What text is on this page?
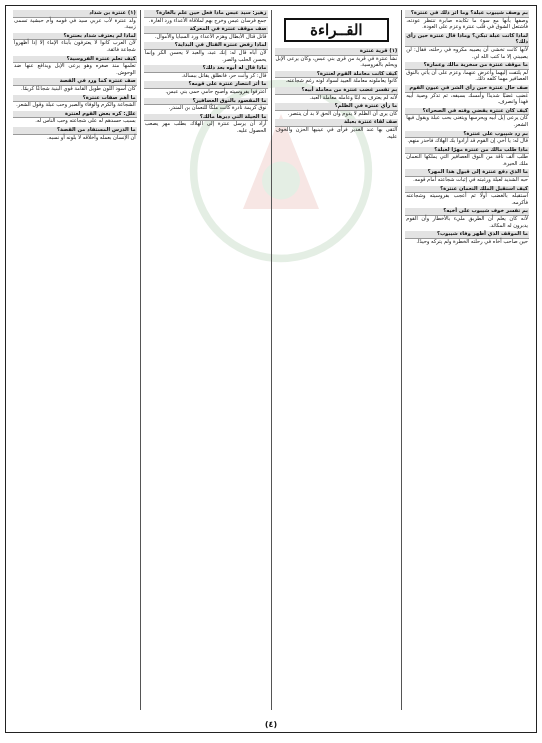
بم وصف شيبوب عبلة؟ وما أثر ذلك في عنترة؟
وصفها بأنها مع سوء ما تكابده صابرة تنتظر عودته، فاشتعل الشوق في قلب عنترة وعزم على العودة.
لماذا كانت عبلة تبكي؟ وماذا قال عنترة حين رأى ذلك؟
لأنها كانت تخشى أن يصيبه مكروه في رحلته، فقال: لن يصيبني إلا ما كتب الله لي.
ما موقف عنترة من سخرية مالك وعمارة؟
لم يلتفت إليهما وأعرض عنهما، وعزم على أن يأتي بالنوق العصافير مهما كلفه ذلك.
صف حال عنترة حين رأى الشر في عيون القوم
غضب غضبًا شديدًا وأمسك بسيفه، ثم تذكر وصية أبيه فهدأ وانصرف.
كيف كان عنترة يقضي وقته في الصحراء؟
كان يرعى إبل أبيه ويحرسها ويتغنى بحب عبلة ويقول فيها الشعر.
بم رد شيبوب على عنترة؟
قال له: يا أخي إن القوم قد أرادوا بك الهلاك فاحذر منهم.
ماذا طلب مالك من عنترة مهرًا لعبلة؟
طلب ألف ناقة من النوق العصافير التي يملكها النعمان ملك الحيرة.
ما الذي دفع عنترة إلى قبول هذا المهر؟
حبه الشديد لعبلة ورغبته في إثبات شجاعته أمام قومه.
كيف استقبل الملك النعمان عنترة؟
استقبله بالغضب أولًا ثم أعجب بفروسيته وشجاعته فأكرمه.
بم تفسر خوف شيبوب على أخيه؟
لأنه كان يعلم أن الطريق مليء بالأخطار وأن القوم يدبرون له المكائد.
ما الموقف الذي أظهر وفاء شيبوب؟
حين صاحب أخاه في رحلته الخطرة ولم يتركه وحيدًا.
القــراءة
(١) قرية عنترة
نشأ عنترة في قرية من قرى بني عبس، وكان يرعى الإبل ويحلم بالفروسية.
كيف كانت معاملة القوم لعنترة؟
كانوا يعاملونه معاملة العبيد لسواد لونه رغم شجاعته.
بم تفسر غضب عنترة من معاملة أبيه؟
لأنه لم يعترف به ابنًا وعامله معاملة العبد.
ما رأي عنترة في الظلم؟
كان يرى أن الظلم لا يدوم وأن الحق لا بد أن ينتصر.
صف لقاء عنترة بعبلة
التقى بها عند الغدير فرأى في عينيها الحزن والخوف عليه.
زهير: سيد عبس ماذا فعل حين علم بالغارة؟
جمع فرسان عبس وخرج بهم لملاقاة الأعداء ورد الغارة.
صف موقف عنترة في المعركة
قاتل قتال الأبطال وهزم الأعداء ورد السبايا والأموال.
لماذا رفض عنترة القتال في البداية؟
لأن أباه قال له: إنك عبد، والعبد لا يحسن الكر وإنما يحسن الحلب والصر.
ماذا قال له أبوه بعد ذلك؟
قال: كر وأنت حر، فانطلق يقاتل ببسالة.
ما أثر انتصار عنترة على قومه؟
اعترفوا بفروسيته وأصبح حامي حمى بني عبس.
ما المقصود بالنوق العصافير؟
نوق كريمة نادرة كانت ملكًا للنعمان بن المنذر.
ما الحيلة التي دبرها مالك؟
أراد أن يرسل عنترة إلى الهلاك بطلب مهر يصعب الحصول عليه.
(١) عنترة بن شداد
ولد عنترة لأب عربي سيد في قومه وأم حبشية تسمى زبيبة.
لماذا لم يعترف شداد بعنترة؟
لأن العرب كانوا لا يعترفون بأبناء الإماء إلا إذا أظهروا شجاعة فائقة.
كيف تعلم عنترة الفروسية؟
تعلمها منذ صغره وهو يرعى الإبل ويدافع عنها ضد الوحوش.
صف عنترة كما ورد في القصة
كان أسود اللون طويل القامة قوي البنية شجاعًا كريمًا.
ما أهم صفات عنترة؟
الشجاعة والكرم والوفاء والصبر وحب عبلة وقول الشعر.
علل: كره بعض القوم لعنترة
بسبب حسدهم له على شجاعته وحب الناس له.
ما الدرس المستفاد من القصة؟
أن الإنسان بعمله وأخلاقه لا بلونه أو نسبه.
(٤)
